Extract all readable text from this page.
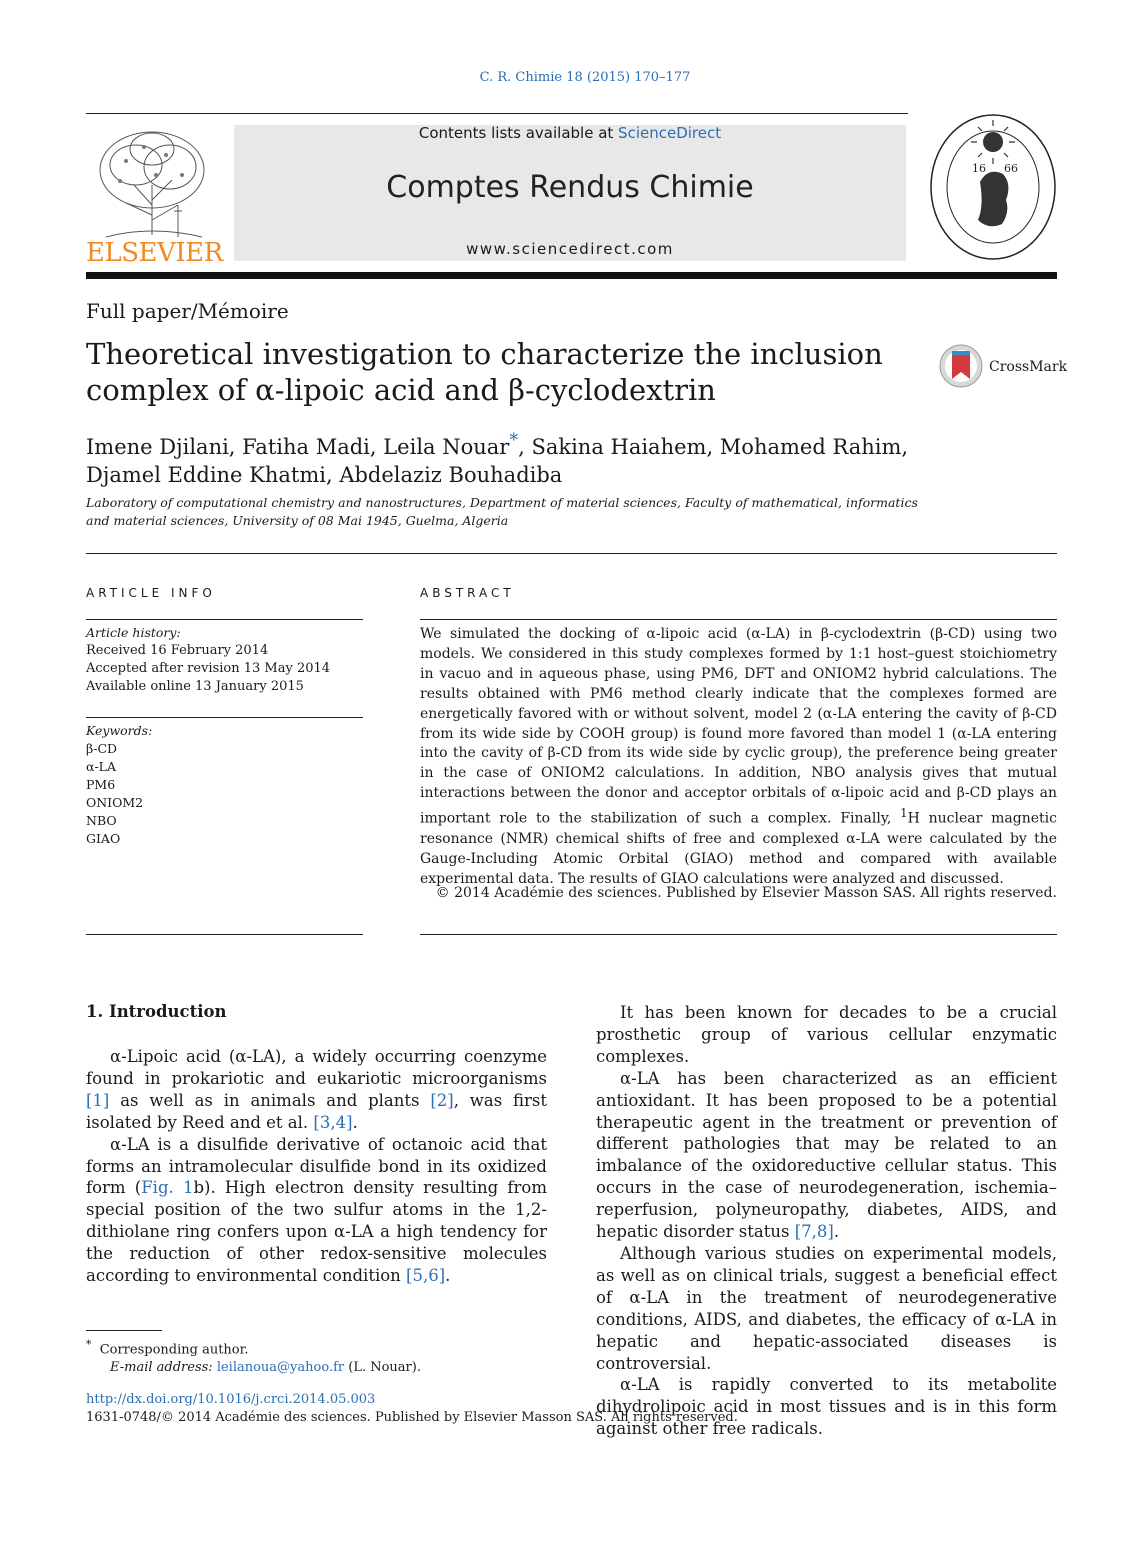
C. R. Chimie 18 (2015) 170–177
ELSEVIER
Contents lists available at ScienceDirect
Comptes Rendus Chimie
www.sciencedirect.com
16 66
Full paper/Mémoire
Theoretical investigation to characterize the inclusion
complex of α-lipoic acid and β-cyclodextrin
CrossMark
Imene Djilani, Fatiha Madi, Leila Nouar*, Sakina Haiahem, Mohamed Rahim,
Djamel Eddine Khatmi, Abdelaziz Bouhadiba
Laboratory of computational chemistry and nanostructures, Department of material sciences, Faculty of mathematical, informatics and material sciences, University of 08 Mai 1945, Guelma, Algeria
ARTICLE INFO
Article history:
Received 16 February 2014
Accepted after revision 13 May 2014
Available online 13 January 2015
Keywords:
β-CD
α-LA
PM6
ONIOM2
NBO
GIAO
ABSTRACT
We simulated the docking of α-lipoic acid (α-LA) in β-cyclodextrin (β-CD) using two models. We considered in this study complexes formed by 1:1 host–guest stoichiometry in vacuo and in aqueous phase, using PM6, DFT and ONIOM2 hybrid calculations. The results obtained with PM6 method clearly indicate that the complexes formed are energetically favored with or without solvent, model 2 (α-LA entering the cavity of β-CD from its wide side by COOH group) is found more favored than model 1 (α-LA entering into the cavity of β-CD from its wide side by cyclic group), the preference being greater in the case of ONIOM2 calculations. In addition, NBO analysis gives that mutual interactions between the donor and acceptor orbitals of α-lipoic acid and β-CD plays an important role to the stabilization of such a complex. Finally, $^1$H nuclear magnetic resonance (NMR) chemical shifts of free and complexed α-LA were calculated by the Gauge-Including Atomic Orbital (GIAO) method and compared with available experimental data. The results of GIAO calculations were analyzed and discussed.
© 2014 Académie des sciences. Published by Elsevier Masson SAS. All rights reserved.
1. Introduction

α-Lipoic acid (α-LA), a widely occurring coenzyme found in prokariotic and eukariotic microorganisms [1] as well as in animals and plants [2], was first isolated by Reed and et al. [3,4].

α-LA is a disulfide derivative of octanoic acid that forms an intramolecular disulfide bond in its oxidized form (Fig. 1b). High electron density resulting from special position of the two sulfur atoms in the 1,2-dithiolane ring confers upon α-LA a high tendency for the reduction of other redox-sensitive molecules according to environmental condition [5,6].

It has been known for decades to be a crucial prosthetic group of various cellular enzymatic complexes.

α-LA has been characterized as an efficient antioxidant. It has been proposed to be a potential therapeutic agent in the treatment or prevention of different pathologies that may be related to an imbalance of the oxidoreductive cellular status. This occurs in the case of neurodegeneration, ischemia–reperfusion, polyneuropathy, diabetes, AIDS, and hepatic disorder status [7,8].

Although various studies on experimental models, as well as on clinical trials, suggest a beneficial effect of α-LA in the treatment of neurodegenerative conditions, AIDS, and diabetes, the efficacy of α-LA in hepatic and hepatic-associated diseases is controversial.

α-LA is rapidly converted to its metabolite dihydrolipoic acid in most tissues and is in this form against other free radicals.

* Corresponding author.
E-mail address: leilanoua@yahoo.fr (L. Nouar).
http://dx.doi.org/10.1016/j.crci.2014.05.003
1631-0748/© 2014 Académie des sciences. Published by Elsevier Masson SAS. All rights reserved.
